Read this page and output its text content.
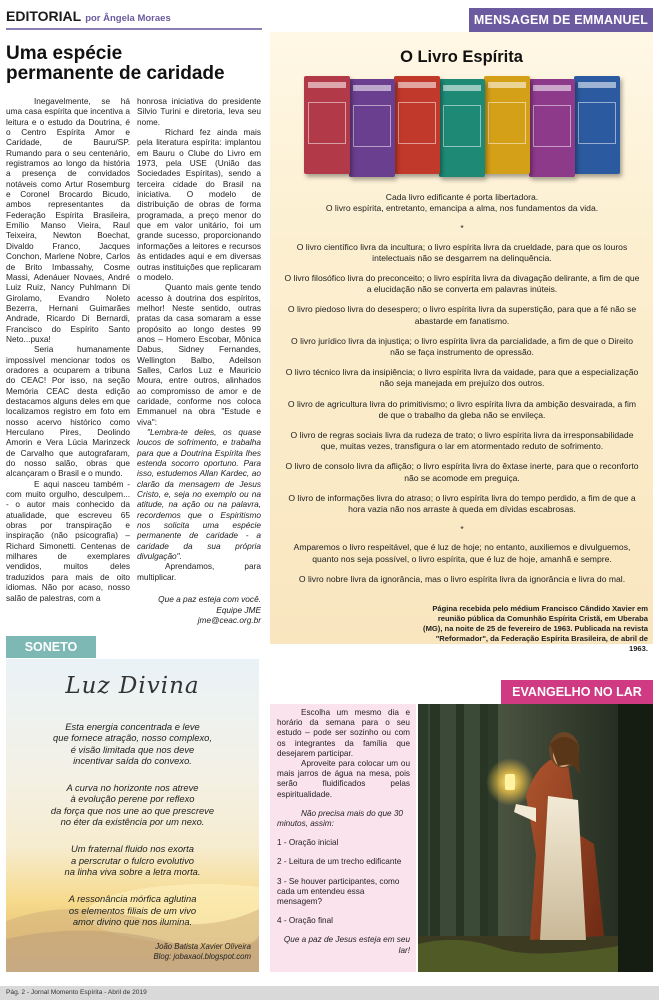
EDITORIAL por Ângela Moraes
Uma espécie
permanente de caridade

Inegavelmente, se há uma casa espírita que incentiva a leitura e o estudo da Doutrina, é o Centro Espírita Amor e Caridade, de Bauru/SP. Rumando para o seu centenário, registramos ao longo da história a presença de convidados notáveis como Artur Rosemburg e Coronel Brocardo Bicudo, ambos representantes da Federação Espírita Brasileira, Emílio Manso Vieira, Raul Teixeira, Newton Boechat, Divaldo Franco, Jacques Conchon, Marlene Nobre, Carlos de Brito Imbassahy, Cosme Massi, Adenáuer Novaes, André Luiz Ruiz, Nancy Puhlmann Di Girolamo, Evandro Noleto Bezerra, Hernani Guimarães Andrade, Ricardo Di Bernardi, Francisco do Espírito Santo Neto...puxa!

Seria humanamente impossível mencionar todos os oradores a ocuparem a tribuna do CEAC! Por isso, na seção Memória CEAC desta edição destacamos alguns deles em que localizamos registro em foto em nosso acervo histórico como Herculano Pires, Deolindo Amorin e Vera Lúcia Marinzeck de Carvalho que autografaram, do nosso salão, obras que alcançaram o Brasil e o mundo.

E aqui nasceu também - com muito orgulho, desculpem... - o autor mais conhecido da atualidade, que escreveu 65 obras por transpiração e inspiração (não psicografia) – Richard Simonetti. Centenas de milhares de exemplares vendidos, muitos deles traduzidos para mais de oito idiomas. Não por acaso, nosso salão de palestras, com a

honrosa iniciativa do presidente Silvio Turini e diretoria, leva seu nome.

Richard fez ainda mais pela literatura espírita: implantou em Bauru o Clube do Livro em 1973, pela USE (União das Sociedades Espíritas), sendo a terceira cidade do Brasil na iniciativa. O modelo de distribuição de obras de forma programada, a preço menor do que em valor unitário, foi um grande sucesso, proporcionando informações a leitores e recursos às entidades aqui e em diversas outras instituições que replicaram o modelo.

Quanto mais gente tendo acesso à doutrina dos espíritos, melhor! Neste sentido, outras pratas da casa somaram a esse propósito ao longo destes 99 anos – Homero Escobar, Mônica Dabus, Sidney Fernandes, Wellington Balbo, Adeilson Salles, Carlos Luz e Mauricio Moura, entre outros, alinhados ao compromisso de amor e de caridade, conforme nos coloca Emmanuel na obra "Estude e viva":

"Lembra-te deles, os quase loucos de sofrimento, e trabalha para que a Doutrina Espírita lhes estenda socorro oportuno. Para isso, estudemos Allan Kardec, ao clarão da mensagem de Jesus Cristo, e, seja no exemplo ou na atitude, na ação ou na palavra, recordemos que o Espiritismo nos solicita uma espécie permanente de caridade - a caridade da sua própria divulgação".

Aprendamos, para multiplicar.

Que a paz esteja com você.

Equipe JME

jme@ceac.org.br

MENSAGEM DE EMMANUEL
O Livro Espírita

Cada livro edificante é porta libertadora.
O livro espírita, entretanto, emancipa a alma, nos fundamentos da vida.

*

O livro científico livra da incultura; o livro espírita livra da crueldade, para que os louros intelectuais não se desgarrem na delinquência.

O livro filosófico livra do preconceito; o livro espírita livra da divagação delirante, a fim de que a elucidação não se converta em palavras inúteis.

O livro piedoso livra do desespero; o livro espírita livra da superstição, para que a fé não se abastarde em fanatismo.

O livro jurídico livra da injustiça; o livro espírita livra da parcialidade, a fim de que o Direito não se faça instrumento de opressão.

O livro técnico livra da insipiência; o livro espírita livra da vaidade, para que a especialização não seja manejada em prejuízo dos outros.

O livro de agricultura livra do primitivismo; o livro espírita livra da ambição desvairada, a fim de que o trabalho da gleba não se envileça.

O livro de regras sociais livra da rudeza de trato; o livro espírita livra da irresponsabilidade que, muitas vezes, transfigura o lar em atormentado reduto de sofrimento.

O livro de consolo livra da aflição; o livro espírita livra do êxtase inerte, para que o reconforto não se acomode em preguiça.

O livro de informações livra do atraso; o livro espírita livra do tempo perdido, a fim de que a hora vazia não nos arraste à queda em dívidas escabrosas.

*

Amparemos o livro respeitável, que é luz de hoje; no entanto, auxiliemos e divulguemos, quanto nos seja possível, o livro espírita, que é luz de hoje, amanhã e sempre.

O livro nobre livra da ignorância, mas o livro espírita livra da ignorância e livra do mal.

Página recebida pelo médium Francisco Cândido Xavier em reunião pública da Comunhão Espírita Cristã, em Uberaba (MG), na noite de 25 de fevereiro de 1963. Publicada na revista "Reformador", da Federação Espírita Brasileira, de abril de 1963.

SONETO
Luz Divina
Esta energia concentrada e leve
que fornece atração, nosso complexo,
é visão limitada que nos deve
incentivar saída do convexo.
A curva no horizonte nos atreve
à evolução perene por reflexo
da força que nos une ao que prescreve
no éter da existência por um nexo.
Um fraternal fluido nos exorta
a perscrutar o fulcro evolutivo
na linha viva sobre a letra morta.
A ressonância mórfica aglutina
os elementos filiais de um vivo
amor divino que nos ilumina.
João Batista Xavier Oliveira
Blog: jobaxaol.blogspot.com
EVANGELHO NO LAR

Escolha um mesmo dia e horário da semana para o seu estudo – pode ser sozinho ou com os integrantes da família que desejarem participar.

Aproveite para colocar um ou mais jarros de água na mesa, pois serão fluidificados pelas espiritualidade.

Não precisa mais do que 30 minutos, assim:

1 - Oração inicial

2 - Leitura de um trecho edificante

3 - Se houver participantes, como cada um entendeu essa mensagem?

4 - Oração final

Que a paz de Jesus esteja em seu lar!

Pág. 2 - Jornal Momento Espírita - Abril de 2019
